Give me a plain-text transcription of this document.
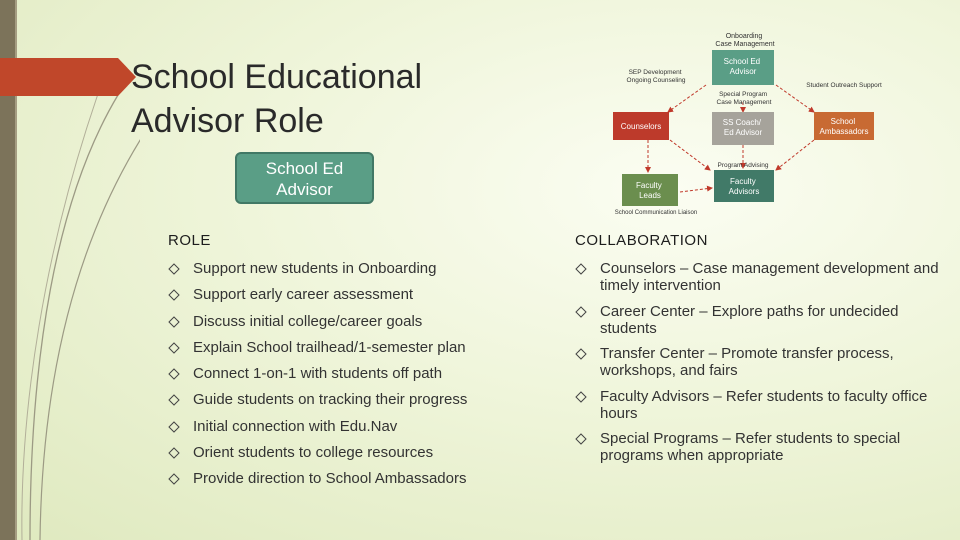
School Educational
Advisor Role
School Ed
Advisor
Onboarding Case Management
School Ed Advisor
SEP Development Ongoing Counseling
Student Outreach Support
Special Program Case Management
Counselors	SS Coach/ Ed Advisor
School Ambassadors
Program Advising
Faculty Leads
Faculty Advisors
School Communication Liaison
ROLE	COLLABORATION
Support new students in Onboarding
Support early career assessment
Discuss initial college/career goals
Explain School trailhead/1-semester plan
Connect 1-on-1 with students off path
Guide students on tracking their progress
Initial connection with Edu.Nav
Orient students to college resources
Provide direction to School Ambassadors
Counselors – Case management development and timely intervention
Career Center – Explore paths for undecided students
Transfer Center – Promote transfer process, workshops, and fairs
Faculty Advisors – Refer students to faculty office hours
Special Programs – Refer students to special programs when appropriate
